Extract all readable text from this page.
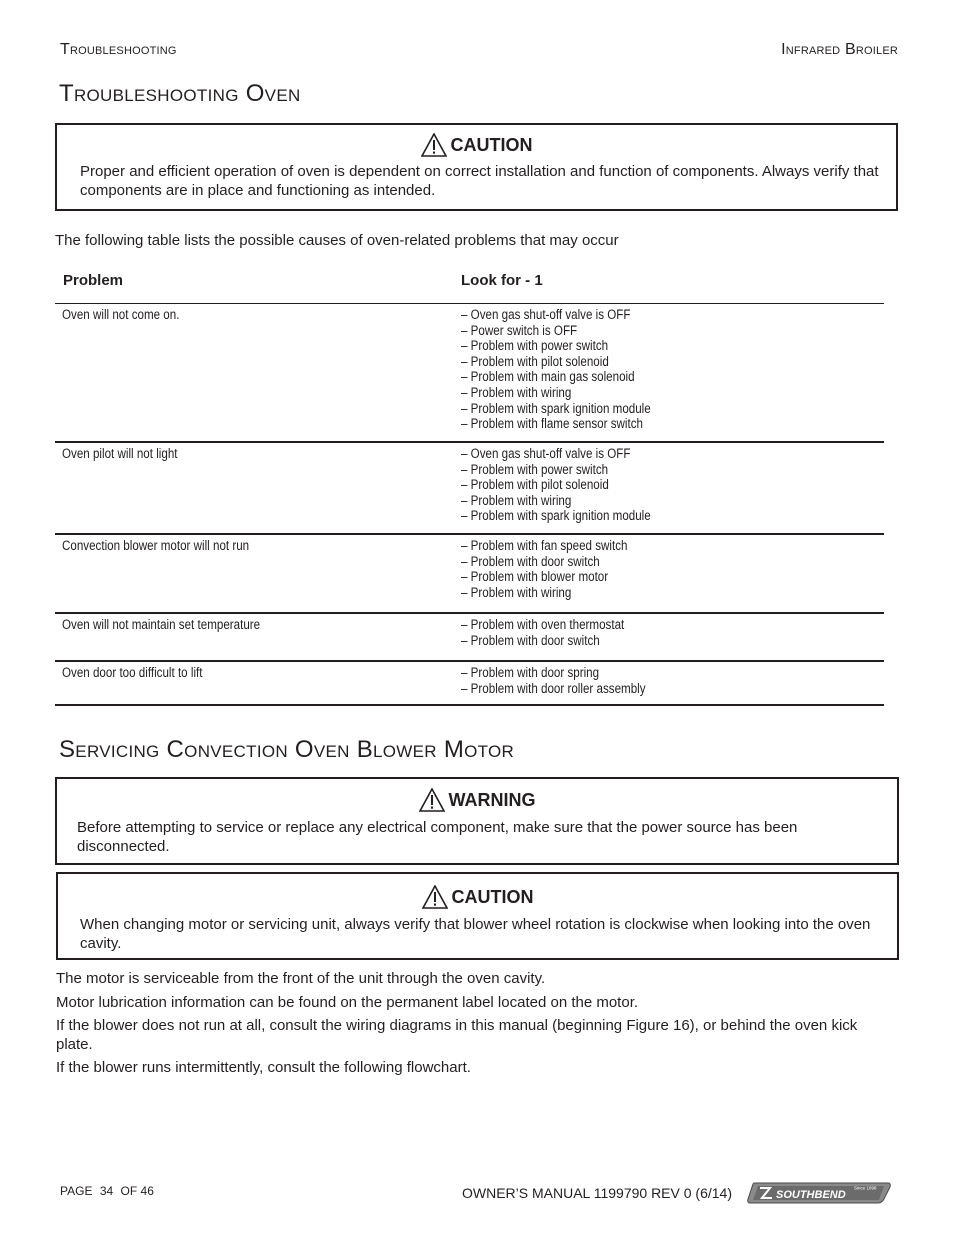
Troubleshooting	Infrared Broiler
Troubleshooting Oven
CAUTION
Proper and efficient operation of oven is dependent on correct installation and function of components. Always verify that components are in place and functioning as intended.
The following table lists the possible causes of oven-related problems that may occur
Problem	Look for - 1
Oven will not come on.	– Oven gas shut-off valve is OFF
– Power switch is OFF
– Problem with power switch
– Problem with pilot solenoid
– Problem with main gas solenoid
– Problem with wiring
– Problem with spark ignition module
– Problem with flame sensor switch
Oven pilot will not light	– Oven gas shut-off valve is OFF
– Problem with power switch
– Problem with pilot solenoid
– Problem with wiring
– Problem with spark ignition module
Convection blower motor will not run	– Problem with fan speed switch
– Problem with door switch
– Problem with blower motor
– Problem with wiring
Oven will not maintain set temperature	– Problem with oven thermostat
– Problem with door switch
Oven door too difficult to lift	– Problem with door spring
– Problem with door roller assembly
Servicing Convection Oven Blower Motor
WARNING
Before attempting to service or replace any electrical component, make sure that the power source has been disconnected.
CAUTION
When changing motor or servicing unit, always verify that blower wheel rotation is clockwise when looking into the oven cavity.
The motor is serviceable from the front of the unit through the oven cavity.
Motor lubrication information can be found on the permanent label located on the motor.
If the blower does not run at all, consult the wiring diagrams in this manual (beginning Figure 16), or behind the oven kick plate.
If the blower runs intermittently, consult the following flowchart.
PAGE 34 OF 46	OWNER’S MANUAL 1199790 REV 0 (6/14)	SOUTHBEND
Since 1898
